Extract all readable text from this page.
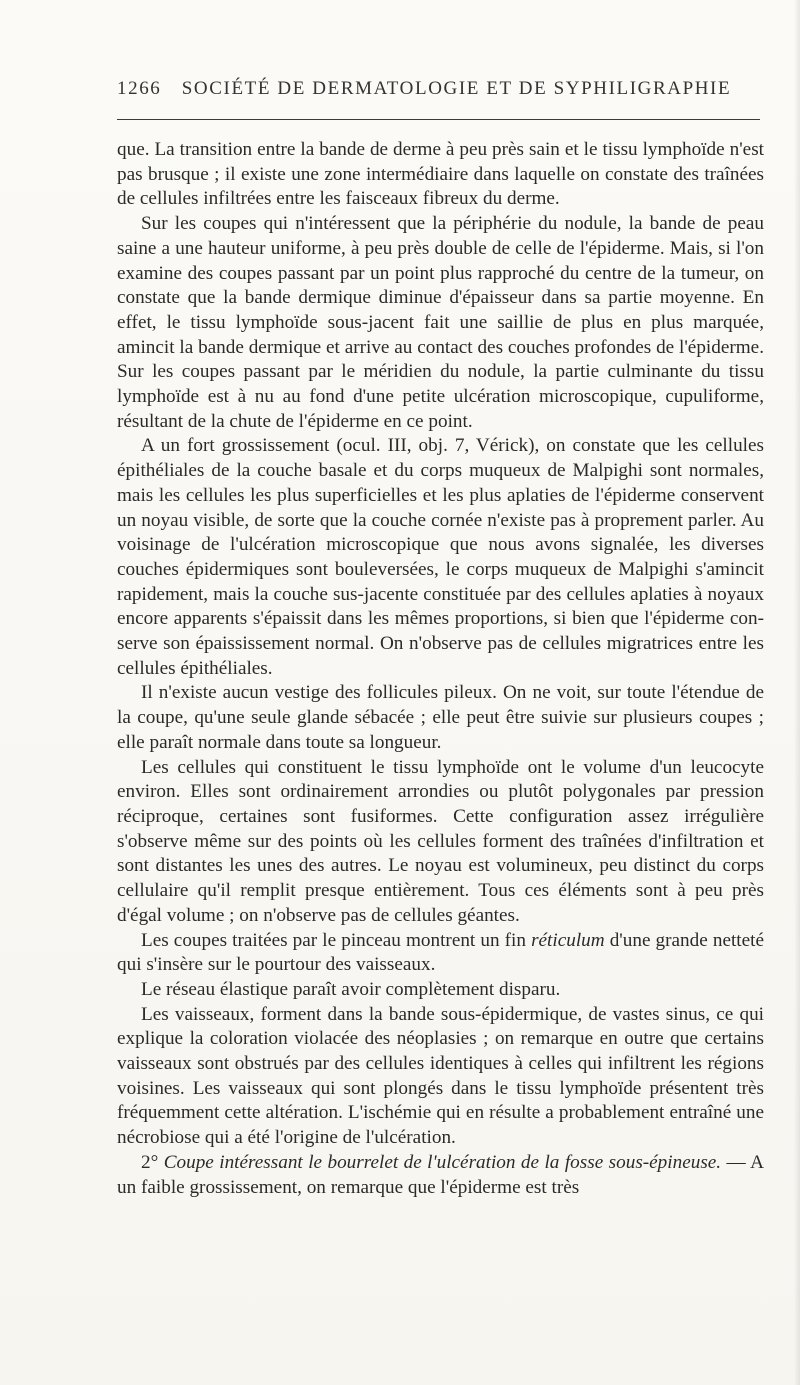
1266 SOCIÉTÉ DE DERMATOLOGIE ET DE SYPHILIGRAPHIE

que. La transition entre la bande de derme à peu près sain et le tissu lymphoïde n'est pas brusque ; il existe une zone intermédiaire dans laquelle on constate des traînées de cellules infiltrées entre les faisceaux fibreux du derme.

Sur les coupes qui n'intéressent que la périphérie du nodule, la bande de peau saine a une hauteur uniforme, à peu près double de celle de l'épiderme. Mais, si l'on examine des coupes passant par un point plus rapproché du centre de la tumeur, on constate que la bande dermique diminue d'épaisseur dans sa partie moyenne. En effet, le tissu lymphoïde sous-jacent fait une saillie de plus en plus marquée, amincit la bande dermique et arrive au contact des couches profondes de l'épiderme. Sur les coupes passant par le méridien du nodule, la partie culminante du tissu lymphoïde est à nu au fond d'une petite ulcération microscopique, cupuliforme, résultant de la chute de l'épiderme en ce point.

A un fort grossissement (ocul. III, obj. 7, Vérick), on constate que les cellules épithéliales de la couche basale et du corps muqueux de Malpighi sont normales, mais les cellules les plus superficielles et les plus aplaties de l'épiderme conservent un noyau visible, de sorte que la couche cornée n'existe pas à proprement parler. Au voisinage de l'ulcération microscopique que nous avons signalée, les diverses couches épidermiques sont bouleversées, le corps muqueux de Malpighi s'amincit rapidement, mais la couche sus-jacente constituée par des cellules aplaties à noyaux encore apparents s'épaissit dans les mêmes proportions, si bien que l'épiderme conserve son épaississement normal. On n'observe pas de cellules migratrices entre les cellules épithéliales.

Il n'existe aucun vestige des follicules pileux. On ne voit, sur toute l'étendue de la coupe, qu'une seule glande sébacée ; elle peut être suivie sur plusieurs coupes ; elle paraît normale dans toute sa longueur.

Les cellules qui constituent le tissu lymphoïde ont le volume d'un leucocyte environ. Elles sont ordinairement arrondies ou plutôt polygonales par pression réciproque, certaines sont fusiformes. Cette configuration assez irrégulière s'observe même sur des points où les cellules forment des traînées d'infiltration et sont distantes les unes des autres. Le noyau est volumineux, peu distinct du corps cellulaire qu'il remplit presque entièrement. Tous ces éléments sont à peu près d'égal volume ; on n'observe pas de cellules géantes.

Les coupes traitées par le pinceau montrent un fin réticulum d'une grande netteté qui s'insère sur le pourtour des vaisseaux.

Le réseau élastique paraît avoir complètement disparu.

Les vaisseaux, forment dans la bande sous-épidermique, de vastes sinus, ce qui explique la coloration violacée des néoplasies ; on remarque en outre que certains vaisseaux sont obstrués par des cellules identiques à celles qui infiltrent les régions voisines. Les vaisseaux qui sont plongés dans le tissu lymphoïde présentent très fréquemment cette altération. L'ischémie qui en résulte a probablement entraîné une nécrobiose qui a été l'origine de l'ulcération.

2° Coupe intéressant le bourrelet de l'ulcération de la fosse sous-épineuse. — A un faible grossissement, on remarque que l'épiderme est très
